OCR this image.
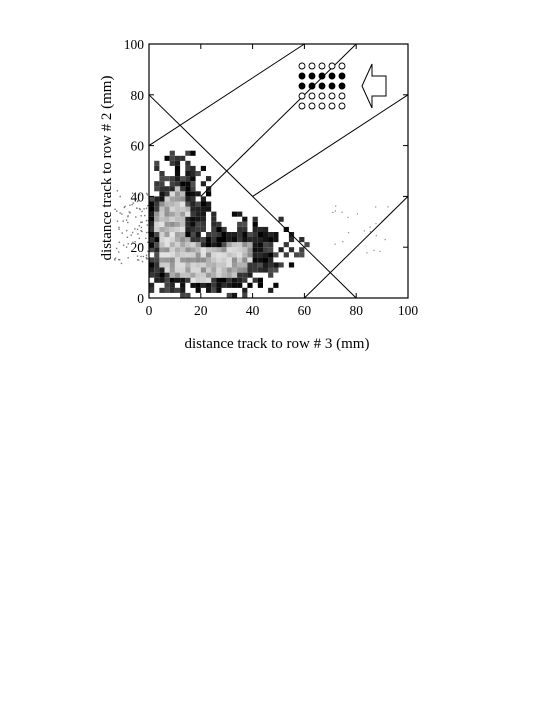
0	20	40	60	80	100
0
20
40
60
80
100
distance track to row # 3 (mm)
distance track to row # 2 (mm)
